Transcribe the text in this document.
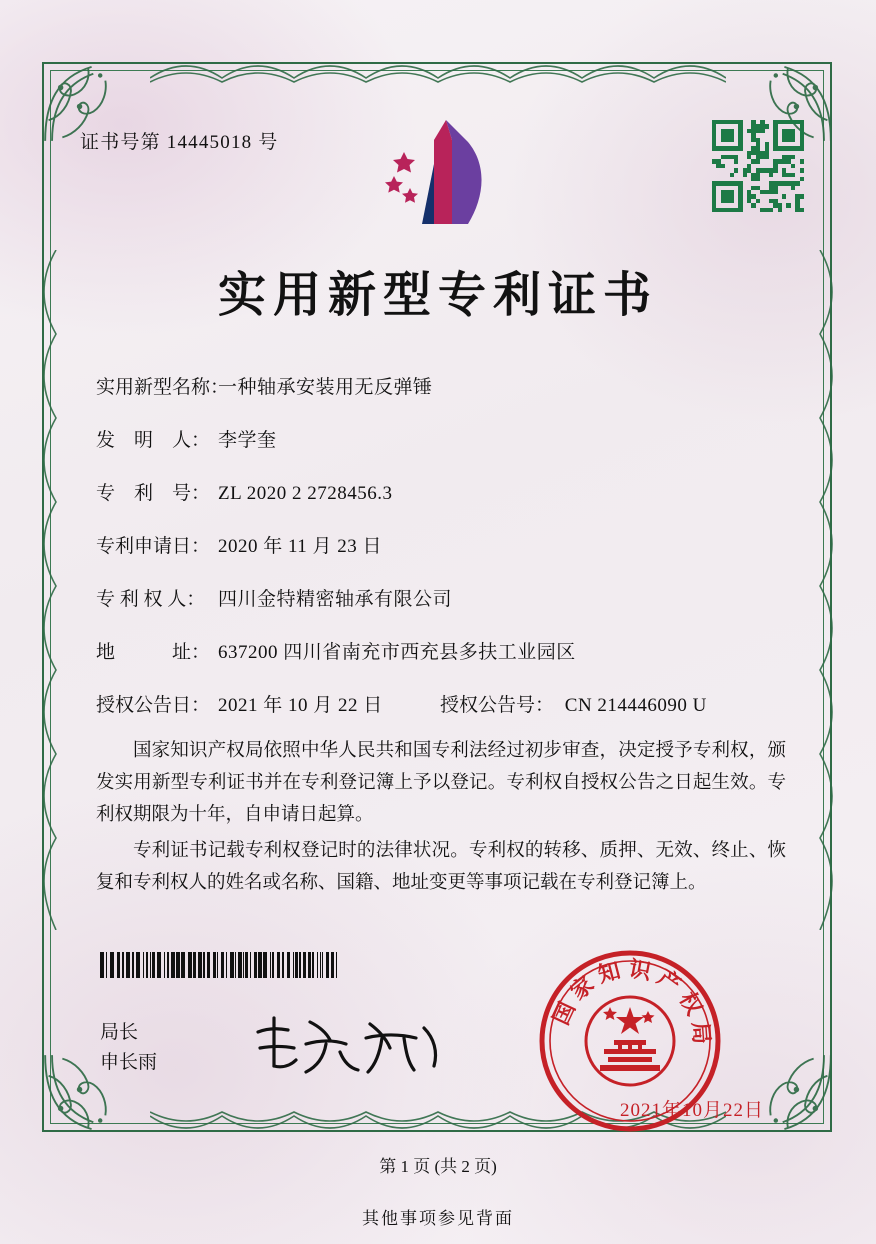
证书号第 14445018 号
实用新型专利证书
实用新型名称：
一种轴承安装用无反弹锤
发　明　人： 李学奎
专　利　号： ZL 2020 2 2728456.3
专利申请日： 2020 年 11 月 23 日
专 利 权 人： 四川金特精密轴承有限公司
地　　　址： 637200 四川省南充市西充县多扶工业园区
授权公告日： 2021 年 10 月 22 日	授权公告号： CN 214446090 U

国家知识产权局依照中华人民共和国专利法经过初步审查，决定授予专利权，颁发实用新型专利证书并在专利登记簿上予以登记。专利权自授权公告之日起生效。专利权期限为十年，自申请日起算。

专利证书记载专利权登记时的法律状况。专利权的转移、质押、无效、终止、恢复和专利权人的姓名或名称、国籍、地址变更等事项记载在专利登记簿上。

局长
申长雨
国家知识产权局
2021年10月22日
第 1 页 (共 2 页)
其他事项参见背面
